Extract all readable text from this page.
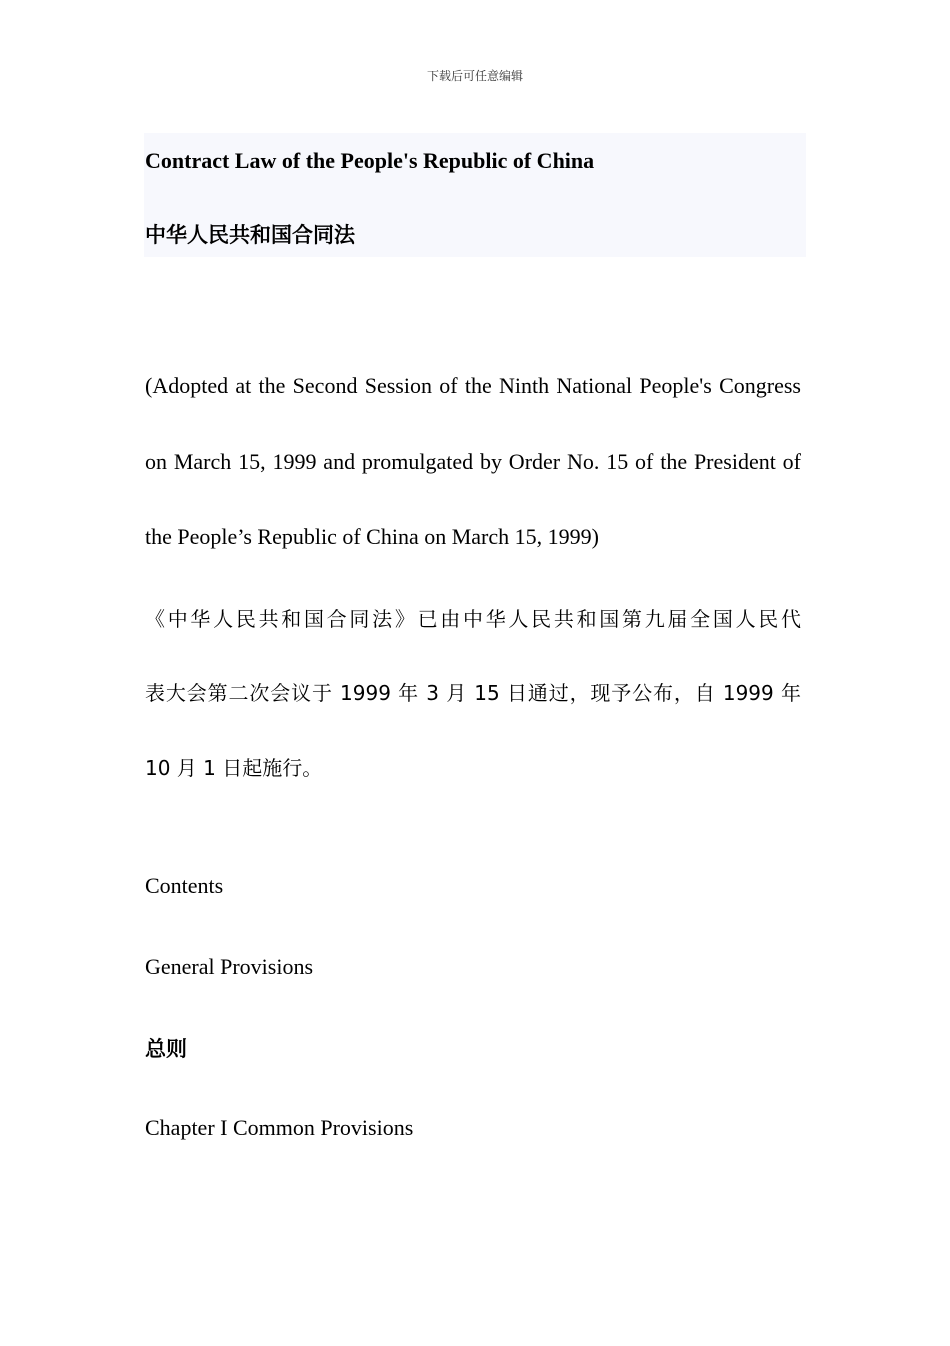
下载后可任意编辑
Contract Law of the People's Republic of China
中华人民共和国合同法
(Adopted at the Second Session of the Ninth National People's Congress
on March 15, 1999 and promulgated by Order No. 15 of the President of
the People’s Republic of China on March 15, 1999)
《中华人民共和国合同法》已由中华人民共和国第九届全国人民代
表大会第二次会议于 1999 年 3 月 15 日通过，现予公布，自 1999 年
10 月 1 日起施行。
Contents
General Provisions
总则
Chapter I Common Provisions
